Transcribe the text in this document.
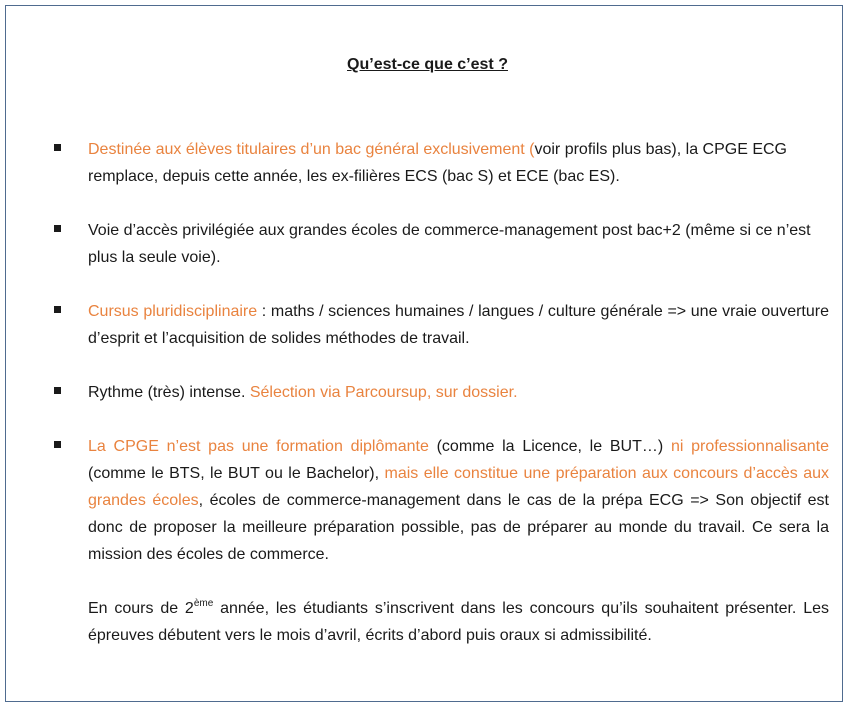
Qu’est-ce que c’est ?
Destinée aux élèves titulaires d’un bac général exclusivement (voir profils plus bas), la CPGE ECG remplace, depuis cette année, les ex-filières ECS (bac S) et ECE (bac ES).
Voie d’accès privilégiée aux grandes écoles de commerce-management post bac+2 (même si ce n’est plus la seule voie).
Cursus pluridisciplinaire : maths / sciences humaines / langues / culture générale => une vraie ouverture d’esprit et l’acquisition de solides méthodes de travail.
Rythme (très) intense. Sélection via Parcoursup, sur dossier.
La CPGE n’est pas une formation diplômante (comme la Licence, le BUT…) ni professionnalisante (comme le BTS, le BUT ou le Bachelor), mais elle constitue une préparation aux concours d’accès aux grandes écoles, écoles de commerce-management dans le cas de la prépa ECG => Son objectif est donc de proposer la meilleure préparation possible, pas de préparer au monde du travail. Ce sera la mission des écoles de commerce.
En cours de 2ème année, les étudiants s’inscrivent dans les concours qu’ils souhaitent présenter. Les épreuves débutent vers le mois d’avril, écrits d’abord puis oraux si admissibilité.
